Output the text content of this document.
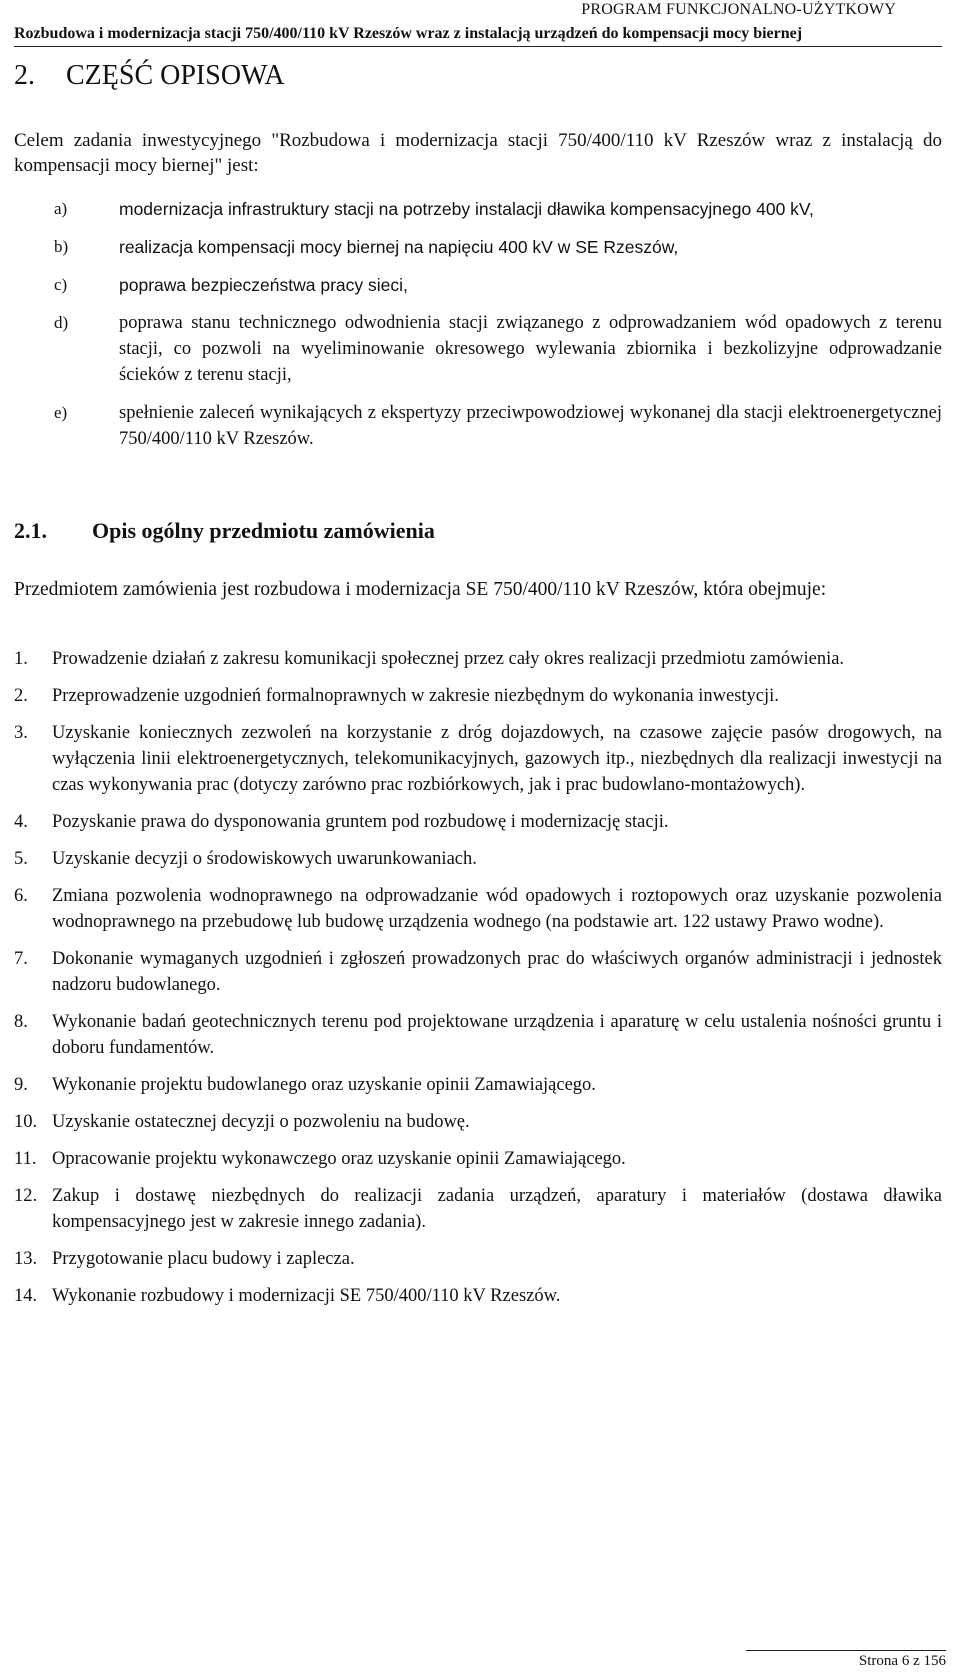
PROGRAM FUNKCJONALNO-UŻYTKOWY
Rozbudowa i modernizacja stacji 750/400/110 kV Rzeszów wraz z instalacją urządzeń do kompensacji mocy biernej
2. CZĘŚĆ OPISOWA
Celem zadania inwestycyjnego "Rozbudowa i modernizacja stacji 750/400/110 kV Rzeszów wraz z instalacją do kompensacji mocy biernej" jest:
a)	modernizacja infrastruktury stacji na potrzeby instalacji dławika kompensacyjnego 400 kV,
b)	realizacja kompensacji mocy biernej na napięciu 400 kV w SE Rzeszów,
c)	poprawa bezpieczeństwa pracy sieci,
d)	poprawa stanu technicznego odwodnienia stacji związanego z odprowadzaniem wód opadowych z terenu stacji, co pozwoli na wyeliminowanie okresowego wylewania zbiornika i bezkolizyjne odprowadzanie ścieków z terenu stacji,
e)	spełnienie zaleceń wynikających z ekspertyzy przeciwpowodziowej wykonanej dla stacji elektroenergetycznej 750/400/110 kV Rzeszów.
2.1. Opis ogólny przedmiotu zamówienia
Przedmiotem zamówienia jest rozbudowa i modernizacja SE 750/400/110 kV Rzeszów, która obejmuje:
1. Prowadzenie działań z zakresu komunikacji społecznej przez cały okres realizacji przedmiotu zamówienia.
2. Przeprowadzenie uzgodnień formalnoprawnych w zakresie niezbędnym do wykonania inwestycji.
3. Uzyskanie koniecznych zezwoleń na korzystanie z dróg dojazdowych, na czasowe zajęcie pasów drogowych, na wyłączenia linii elektroenergetycznych, telekomunikacyjnych, gazowych itp., niezbędnych dla realizacji inwestycji na czas wykonywania prac (dotyczy zarówno prac rozbiórkowych, jak i prac budowlano-montażowych).
4. Pozyskanie prawa do dysponowania gruntem pod rozbudowę i modernizację stacji.
5. Uzyskanie decyzji o środowiskowych uwarunkowaniach.
6. Zmiana pozwolenia wodnoprawnego na odprowadzanie wód opadowych i roztopowych oraz uzyskanie pozwolenia wodnoprawnego na przebudowę lub budowę urządzenia wodnego (na podstawie art. 122 ustawy Prawo wodne).
7. Dokonanie wymaganych uzgodnień i zgłoszeń prowadzonych prac do właściwych organów administracji i jednostek nadzoru budowlanego.
8. Wykonanie badań geotechnicznych terenu pod projektowane urządzenia i aparaturę w celu ustalenia nośności gruntu i doboru fundamentów.
9. Wykonanie projektu budowlanego oraz uzyskanie opinii Zamawiającego.
10. Uzyskanie ostatecznej decyzji o pozwoleniu na budowę.
11. Opracowanie projektu wykonawczego oraz uzyskanie opinii Zamawiającego.
12. Zakup i dostawę niezbędnych do realizacji zadania urządzeń, aparatury i materiałów (dostawa dławika kompensacyjnego jest w zakresie innego zadania).
13. Przygotowanie placu budowy i zaplecza.
14. Wykonanie rozbudowy i modernizacji SE 750/400/110 kV Rzeszów.
Strona 6 z 156
